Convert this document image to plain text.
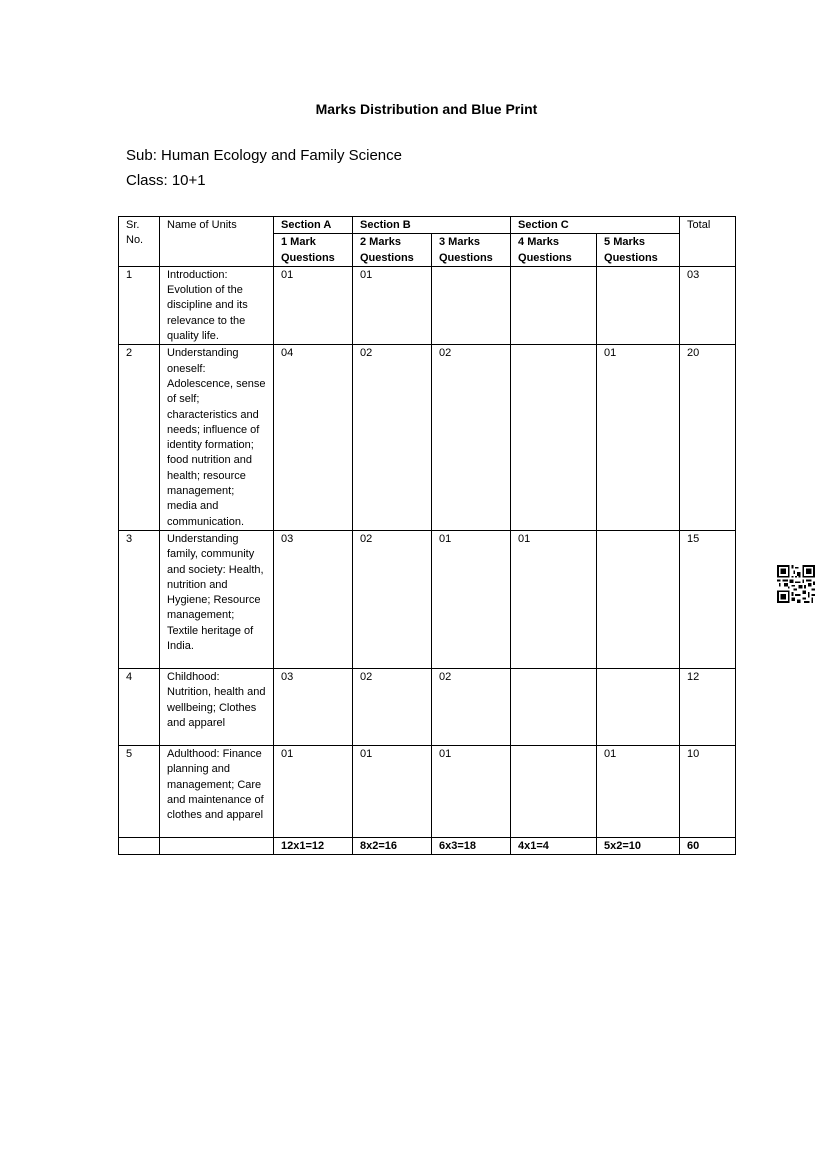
Marks Distribution and Blue Print
Sub: Human Ecology and Family Science
Class: 10+1
Sr. No.	Name of Units	Section A	Section B		Section C		Total
		1 Mark Questions	2 Marks Questions	3 Marks Questions	4 Marks Questions	5 Marks Questions	
1	Introduction: Evolution of the discipline and its relevance to the quality life.	01	01				03
2	Understanding oneself: Adolescence, sense of self; characteristics and needs; influence of identity formation; food nutrition and health; resource management; media and communication.	04	02	02		01	20
3	Understanding family, community and society: Health, nutrition and Hygiene; Resource management; Textile heritage of India.	03	02	01	01		15
4	Childhood: Nutrition, health and wellbeing; Clothes and apparel	03	02	02			12
5	Adulthood: Finance planning and management; Care and maintenance of clothes and apparel	01	01	01		01	10
		12x1=12	8x2=16	6x3=18	4x1=4	5x2=10	60
